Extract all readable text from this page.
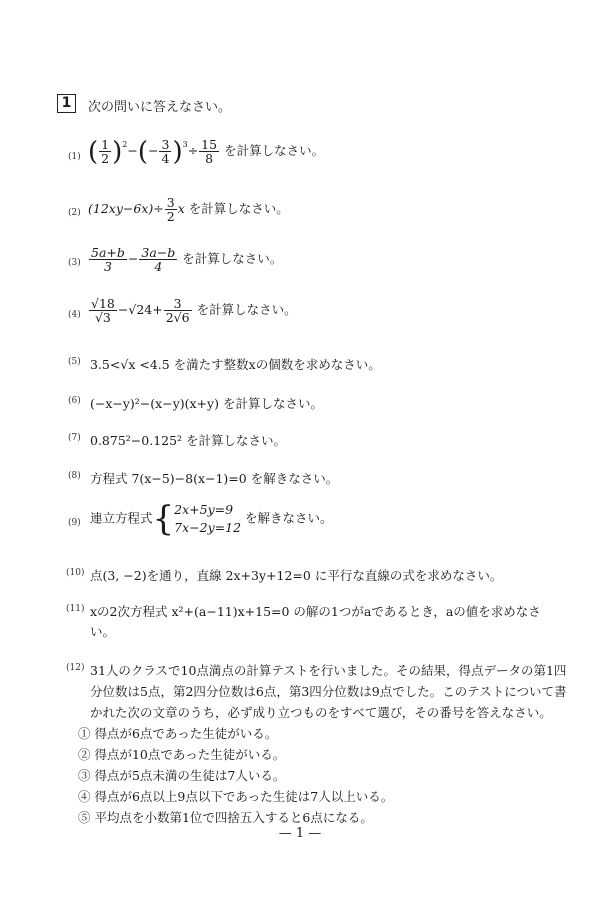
1	次の問いに答えなさい。
(1) ( $\frac{1}{2} )^2-(- \frac{3}{4} )^3\div \frac{15}{8}$ を計算しなさい。
(2) $(12xy-6x)\div \frac{3}{2}$ x を計算しなさい。
$(3) \frac{5a+b}{3} - \frac{3a-b}{4}$ を計算しなさい。
$(4) \frac{√18}{√3} -√24+ \frac{3}{2√6}$ を計算しなさい。
(5) 3.5<√x <4.5 を満たす整数xの個数を求めなさい。
(6) (−x−y)²−(x−y)(x+y) を計算しなさい。
(7) 0.875²−0.125² を計算しなさい。
(8) 方程式 7(x−5)−8(x−1)=0 を解きなさい。
(9) 連立方程式{ 2x+5y=9
7x−2y=12
を解きなさい。
(10) 点(3, −2)を通り，直線 2x+3y+12=0 に平行な直線の式を求めなさい。
(11) xの2次方程式 x²+(a−11)x+15=0 の解の1つがaであるとき，aの値を求めなさ
い。
(12) 31人のクラスで10点満点の計算テストを行いました。その結果，得点データの第1四
分位数は5点，第2四分位数は6点，第3四分位数は9点でした。このテストについて書
かれた次の文章のうち，必ず成り立つものをすべて選び，その番号を答えなさい。
① 得点が6点であった生徒がいる。
② 得点が10点であった生徒がいる。
③ 得点が5点未満の生徒は7人いる。
④ 得点が6点以上9点以下であった生徒は7人以上いる。
⑤ 平均点を小数第1位で四捨五入すると6点になる。
— 1 —
